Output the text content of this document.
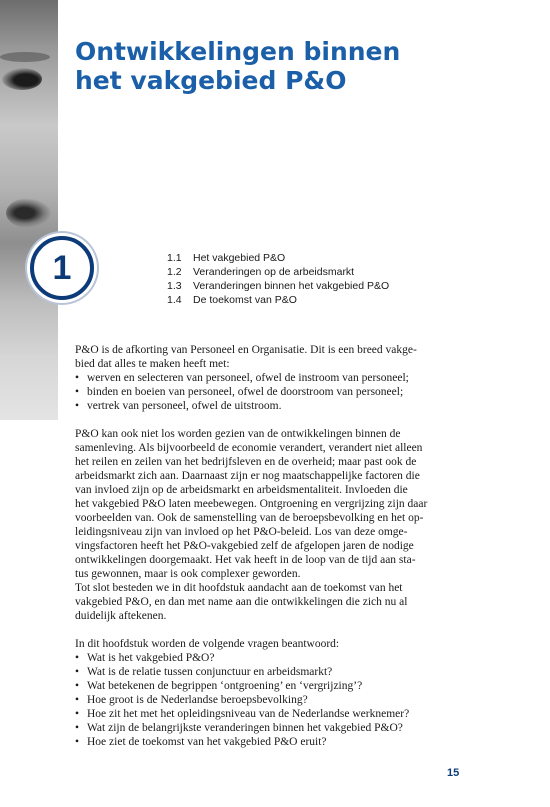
Ontwikkelingen binnen
het vakgebied P&O
1	1.1	Het vakgebied P&O
1.2	Veranderingen op de arbeidsmarkt
1.3	Veranderingen binnen het vakgebied P&O
1.4	De toekomst van P&O

P&O is de afkorting van Personeel en Organisatie. Dit is een breed vakge-

bied dat alles te maken heeft met:

• werven en selecteren van personeel, ofwel de instroom van personeel;
• binden en boeien van personeel, ofwel de doorstroom van personeel;
• vertrek van personeel, ofwel de uitstroom.

P&O kan ook niet los worden gezien van de ontwikkelingen binnen de

samenleving. Als bijvoorbeeld de economie verandert, verandert niet alleen

het reilen en zeilen van het bedrijfsleven en de overheid; maar past ook de

arbeidsmarkt zich aan. Daarnaast zijn er nog maatschappelijke factoren die

van invloed zijn op de arbeidsmarkt en arbeidsmentaliteit. Invloeden die

het vakgebied P&O laten meebewegen. Ontgroening en vergrijzing zijn daar

voorbeelden van. Ook de samenstelling van de beroepsbevolking en het op-

leidingsniveau zijn van invloed op het P&O-beleid. Los van deze omge-

vingsfactoren heeft het P&O-vakgebied zelf de afgelopen jaren de nodige

ontwikkelingen doorgemaakt. Het vak heeft in de loop van de tijd aan sta-

tus gewonnen, maar is ook complexer geworden.

Tot slot besteden we in dit hoofdstuk aandacht aan de toekomst van het

vakgebied P&O, en dan met name aan die ontwikkelingen die zich nu al

duidelijk aftekenen.

In dit hoofdstuk worden de volgende vragen beantwoord:

• Wat is het vakgebied P&O?
• Wat is de relatie tussen conjunctuur en arbeidsmarkt?
• Wat betekenen de begrippen ‘ontgroening’ en ‘vergrijzing’?
• Hoe groot is de Nederlandse beroepsbevolking?
• Hoe zit het met het opleidingsniveau van de Nederlandse werknemer?
• Wat zijn de belangrijkste veranderingen binnen het vakgebied P&O?
• Hoe ziet de toekomst van het vakgebied P&O eruit?
15
